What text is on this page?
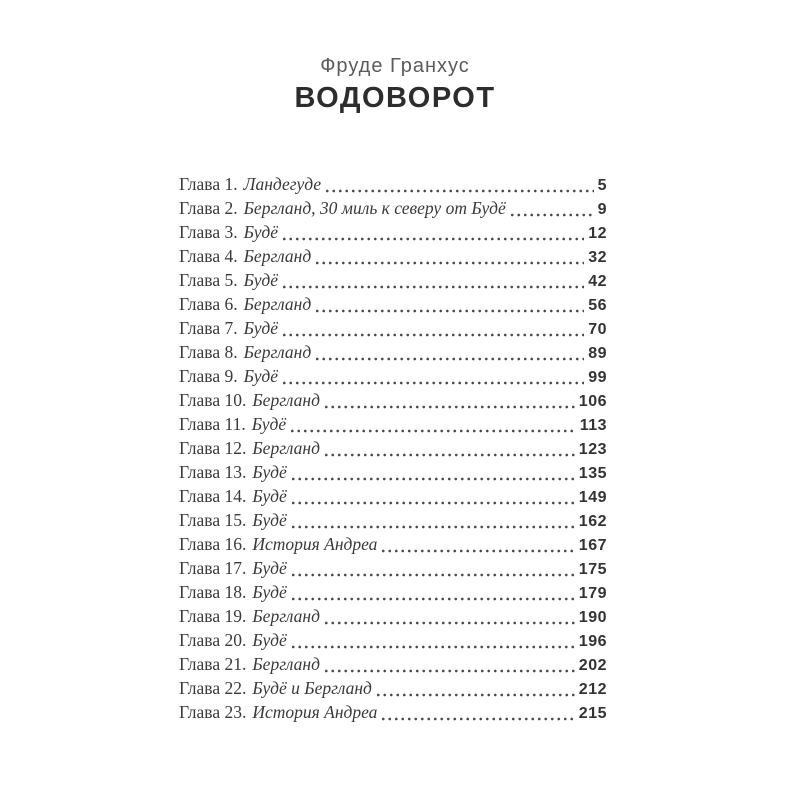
Фруде Гранхус
ВОДОВОРОТ
Глава 1. Ландегуде	5
Глава 2. Бергланд, 30 миль к северу от Будё	9
Глава 3. Будё	12
Глава 4. Бергланд	32
Глава 5. Будё	42
Глава 6. Бергланд	56
Глава 7. Будё	70
Глава 8. Бергланд	89
Глава 9. Будё	99
Глава 10. Бергланд	106
Глава 11. Будё	113
Глава 12. Бергланд	123
Глава 13. Будё	135
Глава 14. Будё	149
Глава 15. Будё	162
Глава 16. История Андреа	167
Глава 17. Будё	175
Глава 18. Будё	179
Глава 19. Бергланд	190
Глава 20. Будё	196
Глава 21. Бергланд	202
Глава 22. Будё и Бергланд	212
Глава 23. История Андреа	215
